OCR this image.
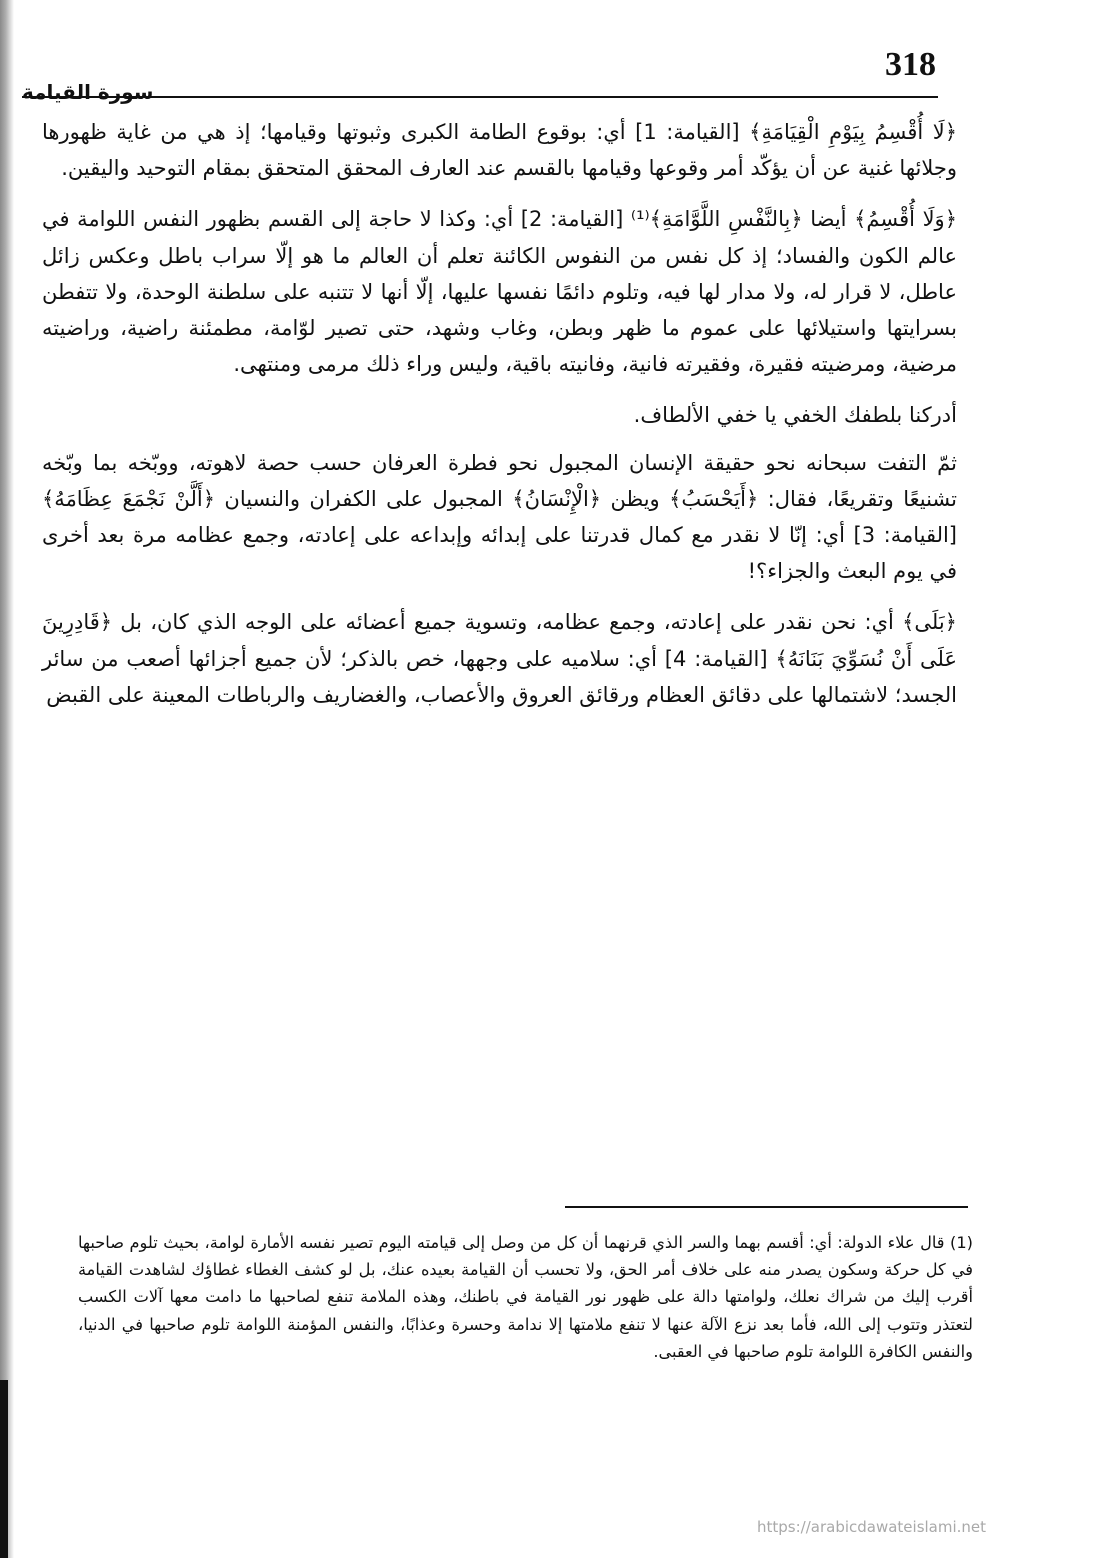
318
سورة القيامة

﴿لَا أُقْسِمُ بِيَوْمِ الْقِيَامَةِ﴾ [القيامة: 1] أي: بوقوع الطامة الكبرى وثبوتها وقيامها؛ إذ هي من غاية ظهورها وجلائها غنية عن أن يؤكّد أمر وقوعها وقيامها بالقسم عند العارف المحقق المتحقق بمقام التوحيد واليقين.

﴿وَلَا أُقْسِمُ﴾ أيضا ﴿بِالنَّفْسِ اللَّوَّامَةِ﴾⁽¹⁾ [القيامة: 2] أي: وكذا لا حاجة إلى القسم بظهور النفس اللوامة في عالم الكون والفساد؛ إذ كل نفس من النفوس الكائنة تعلم أن العالم ما هو إلّا سراب باطل وعكس زائل عاطل، لا قرار له، ولا مدار لها فيه، وتلوم دائمًا نفسها عليها، إلّا أنها لا تتنبه على سلطنة الوحدة، ولا تتفطن بسرايتها واستيلائها على عموم ما ظهر وبطن، وغاب وشهد، حتى تصير لوّامة، مطمئنة راضية، وراضيته مرضية، ومرضيته فقيرة، وفقيرته فانية، وفانيته باقية، وليس وراء ذلك مرمى ومنتهى.

أدركنا بلطفك الخفي يا خفي الألطاف.

ثمّ التفت سبحانه نحو حقيقة الإنسان المجبول نحو فطرة العرفان حسب حصة لاهوته، ووبّخه بما وبّخه تشنيعًا وتقريعًا، فقال: ﴿أَيَحْسَبُ﴾ ويظن ﴿الْإِنْسَانُ﴾ المجبول على الكفران والنسيان ﴿أَلَّنْ نَجْمَعَ عِظَامَهُ﴾ [القيامة: 3] أي: إنّا لا نقدر مع كمال قدرتنا على إبدائه وإبداعه على إعادته، وجمع عظامه مرة بعد أخرى في يوم البعث والجزاء؟!

﴿بَلَى﴾ أي: نحن نقدر على إعادته، وجمع عظامه، وتسوية جميع أعضائه على الوجه الذي كان، بل ﴿قَادِرِينَ عَلَى أَنْ نُسَوِّيَ بَنَانَهُ﴾ [القيامة: 4] أي: سلاميه على وجهها، خص بالذكر؛ لأن جميع أجزائها أصعب من سائر الجسد؛ لاشتمالها على دقائق العظام ورقائق العروق والأعصاب، والغضاريف والرباطات المعينة على القبض

(1) قال علاء الدولة: أي: أقسم بهما والسر الذي قرنهما أن كل من وصل إلى قيامته اليوم تصير نفسه الأمارة لوامة، بحيث تلوم صاحبها في كل حركة وسكون يصدر منه على خلاف أمر الحق، ولا تحسب أن القيامة بعيده عنك، بل لو كشف الغطاء غطاؤك لشاهدت القيامة أقرب إليك من شراك نعلك، ولوامتها دالة على ظهور نور القيامة في باطنك، وهذه الملامة تنفع لصاحبها ما دامت معها آلات الكسب لتعتذر وتتوب إلى الله، فأما بعد نزع الآلة عنها لا تنفع ملامتها إلا ندامة وحسرة وعذابًا، والنفس المؤمنة اللوامة تلوم صاحبها في الدنيا، والنفس الكافرة اللوامة تلوم صاحبها في العقبى.

https://arabicdawateislami.net
